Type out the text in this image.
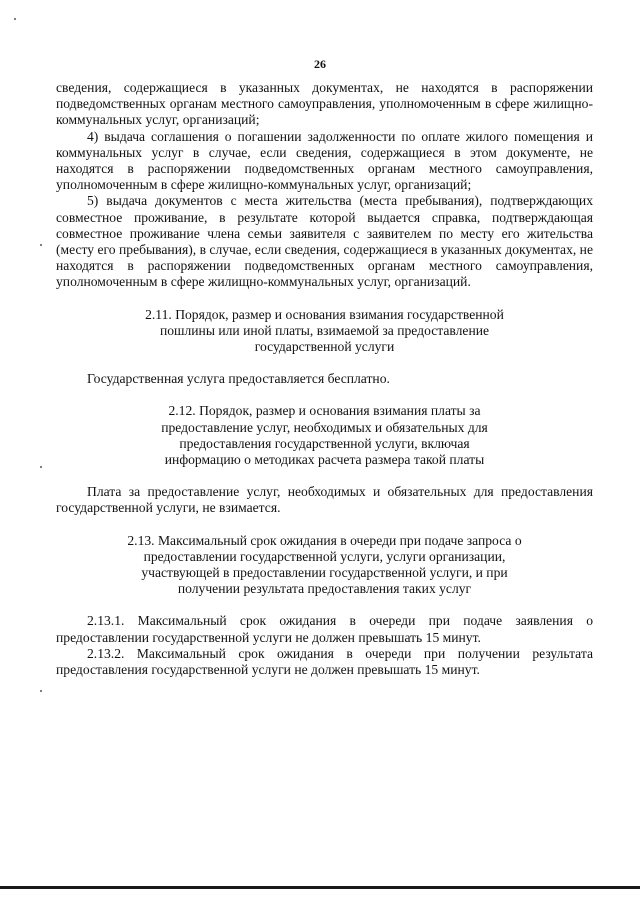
26

сведения, содержащиеся в указанных документах, не находятся в распоряжении подведомственных органам местного самоуправления, уполномоченным в сфере жилищно-коммунальных услуг, организаций;

4) выдача соглашения о погашении задолженности по оплате жилого помещения и коммунальных услуг в случае, если сведения, содержащиеся в этом документе, не находятся в распоряжении подведомственных органам местного самоуправления, уполномоченным в сфере жилищно-коммунальных услуг, организаций;

5) выдача документов с места жительства (места пребывания), подтверждающих совместное проживание, в результате которой выдается справка, подтверждающая совместное проживание члена семьи заявителя с заявителем по месту его жительства (месту его пребывания), в случае, если сведения, содержащиеся в указанных документах, не находятся в распоряжении подведомственных органам местного самоуправления, уполномоченным в сфере жилищно-коммунальных услуг, организаций.

2.11. Порядок, размер и основания взимания государственной пошлины или иной платы, взимаемой за предоставление государственной услуги

Государственная услуга предоставляется бесплатно.

2.12. Порядок, размер и основания взимания платы за предоставление услуг, необходимых и обязательных для предоставления государственной услуги, включая информацию о методиках расчета размера такой платы

Плата за предоставление услуг, необходимых и обязательных для предоставления государственной услуги, не взимается.

2.13. Максимальный срок ожидания в очереди при подаче запроса о предоставлении государственной услуги, услуги организации, участвующей в предоставлении государственной услуги, и при получении результата предоставления таких услуг

2.13.1. Максимальный срок ожидания в очереди при подаче заявления о предоставлении государственной услуги не должен превышать 15 минут.

2.13.2. Максимальный срок ожидания в очереди при получении результата предоставления государственной услуги не должен превышать 15 минут.
